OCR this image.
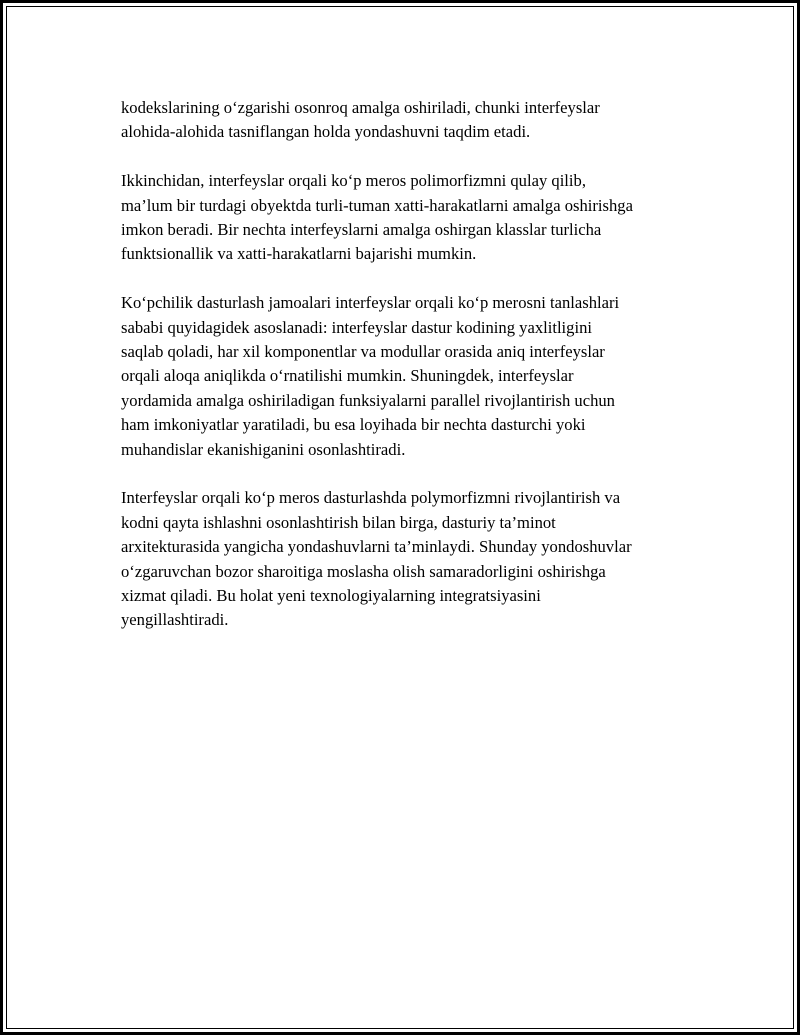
kodekslarining o‘zgarishi osonroq amalga oshiriladi, chunki interfeyslar
alohida-alohida tasniflangan holda yondashuvni taqdim etadi.

Ikkinchidan, interfeyslar orqali ko‘p meros polimorfizmni qulay qilib,
ma’lum bir turdagi obyektda turli-tuman xatti-harakatlarni amalga oshirishga
imkon beradi. Bir nechta interfeyslarni amalga oshirgan klasslar turlicha
funktsionallik va xatti-harakatlarni bajarishi mumkin.

Ko‘pchilik dasturlash jamoalari interfeyslar orqali ko‘p merosni tanlashlari
sababi quyidagidek asoslanadi: interfeyslar dastur kodining yaxlitligini
saqlab qoladi, har xil komponentlar va modullar orasida aniq interfeyslar
orqali aloqa aniqlikda o‘rnatilishi mumkin. Shuningdek, interfeyslar
yordamida amalga oshiriladigan funksiyalarni parallel rivojlantirish uchun
ham imkoniyatlar yaratiladi, bu esa loyihada bir nechta dasturchi yoki
muhandislar ekanishiganini osonlashtiradi.

Interfeyslar orqali ko‘p meros dasturlashda polymorfizmni rivojlantirish va
kodni qayta ishlashni osonlashtirish bilan birga, dasturiy ta’minot
arxitekturasida yangicha yondashuvlarni ta’minlaydi. Shunday yondoshuvlar
o‘zgaruvchan bozor sharoitiga moslasha olish samaradorligini oshirishga
xizmat qiladi. Bu holat yeni texnologiyalarning integratsiyasini
yengillashtiradi.
